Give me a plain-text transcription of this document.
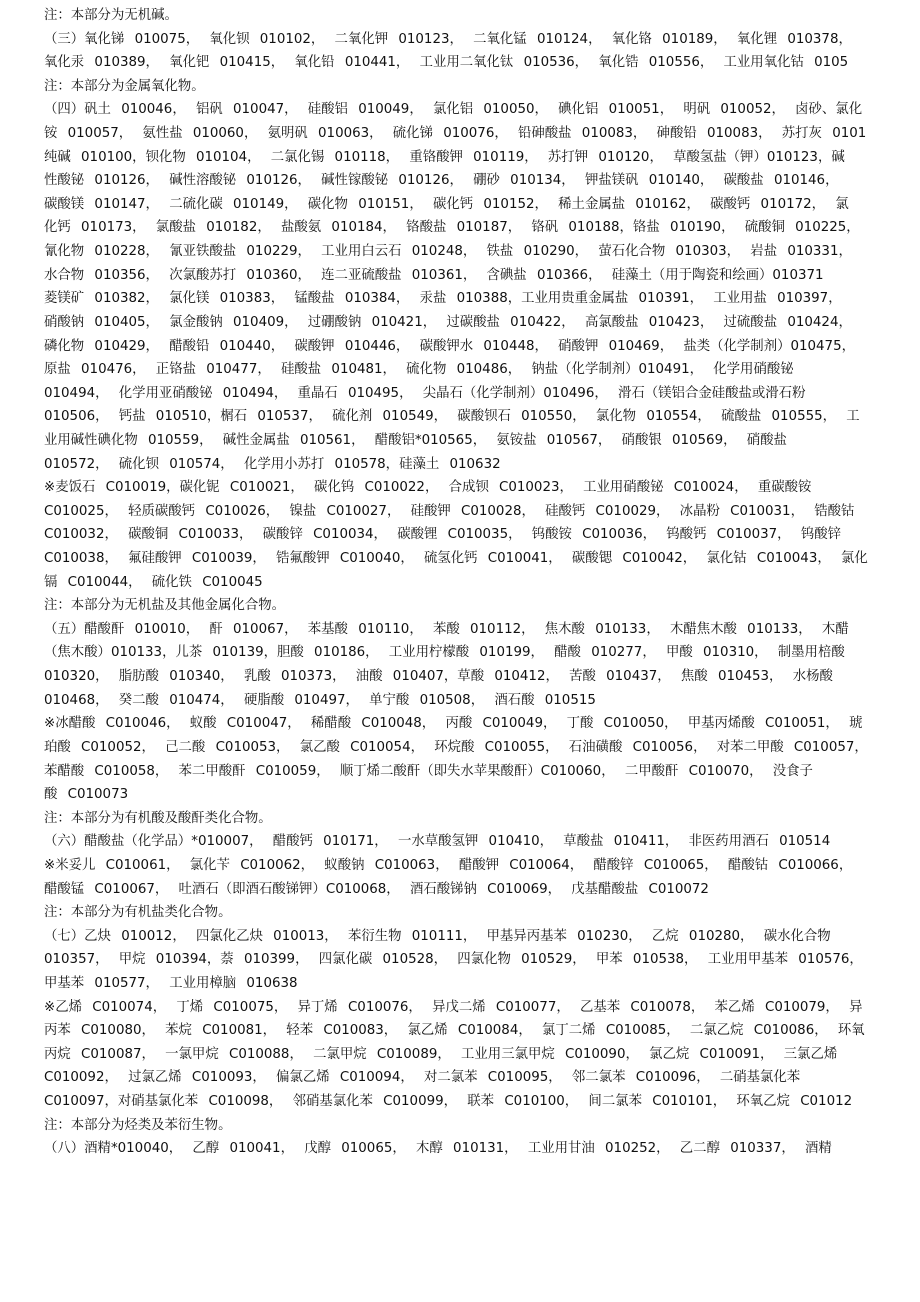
注：本部分为无机碱。
（三）氧化锑 010075， 氧化钡 010102， 二氧化钾 010123， 二氧化锰 010124， 氧化铬 010189， 氧化锂 010378，
氧化汞 010389， 氧化钯 010415， 氧化铅 010441， 工业用二氧化钛 010536， 氧化锆 010556， 工业用氧化钴 0105
注：本部分为金属氧化物。
（四）矾土 010046， 铝矾 010047， 硅酸铝 010049， 氯化铝 010050， 碘化铝 010051， 明矾 010052， 卤砂、氯化
铵 010057， 氨性盐 010060， 氨明矾 010063， 硫化锑 010076， 铅砷酸盐 010083， 砷酸铅 010083， 苏打灰 0101
纯碱 010100，钡化物 010104， 二氯化锡 010118， 重铬酸钾 010119， 苏打钾 010120， 草酸氢盐（钾）010123，碱
性酸铋 010126， 碱性溶酸铋 010126， 碱性镓酸铋 010126， 硼砂 010134， 钾盐镁矾 010140， 碳酸盐 010146，
碳酸镁 010147， 二硫化碳 010149， 碳化物 010151， 碳化钙 010152， 稀土金属盐 010162， 碳酸钙 010172， 氯
化钙 010173， 氯酸盐 010182， 盐酸氨 010184， 铬酸盐 010187， 铬矾 010188，铬盐 010190， 硫酸铜 010225，
氰化物 010228， 氰亚铁酸盐 010229， 工业用白云石 010248， 铁盐 010290， 萤石化合物 010303， 岩盐 010331，
水合物 010356， 次氯酸苏打 010360， 连二亚硫酸盐 010361， 含碘盐 010366， 硅藻土（用于陶瓷和绘画）010371
菱镁矿 010382， 氯化镁 010383， 锰酸盐 010384， 汞盐 010388，工业用贵重金属盐 010391， 工业用盐 010397，
硝酸钠 010405， 氯金酸钠 010409， 过硼酸钠 010421， 过碳酸盐 010422， 高氯酸盐 010423， 过硫酸盐 010424，
磷化物 010429， 醋酸铅 010440， 碳酸钾 010446， 碳酸钾水 010448， 硝酸钾 010469， 盐类（化学制剂）010475，
原盐 010476， 正铬盐 010477， 硅酸盐 010481， 硫化物 010486， 钠盐（化学制剂）010491， 化学用硝酸铋
010494， 化学用亚硝酸铋 010494， 重晶石 010495， 尖晶石（化学制剂）010496， 滑石（镁铝合金硅酸盐或滑石粉
010506， 钙盐 010510，榍石 010537， 硫化剂 010549， 碳酸钡石 010550， 氯化物 010554， 硫酸盐 010555， 工
业用碱性碘化物 010559， 碱性金属盐 010561， 醋酸铝*010565， 氨铵盐 010567， 硝酸银 010569， 硝酸盐
010572， 硫化钡 010574， 化学用小苏打 010578，硅藻土 010632
※麦饭石 C010019，碳化铌 C010021， 碳化钨 C010022， 合成钡 C010023， 工业用硝酸铋 C010024， 重碳酸铵
C010025， 轻质碳酸钙 C010026， 镍盐 C010027， 硅酸钾 C010028， 硅酸钙 C010029， 冰晶粉 C010031， 锆酸钴
C010032， 碳酸铜 C010033， 碳酸锌 C010034， 碳酸锂 C010035， 钨酸铵 C010036， 钨酸钙 C010037， 钨酸锌
C010038， 氟硅酸钾 C010039， 锆氟酸钾 C010040， 硫氢化钙 C010041， 碳酸锶 C010042， 氯化钴 C010043， 氯化
镉 C010044， 硫化铁 C010045
注：本部分为无机盐及其他金属化合物。
（五）醋酸酐 010010， 酐 010067， 苯基酸 010110， 苯酸 010112， 焦木酸 010133， 木醋焦木酸 010133， 木醋
（焦木酸）010133，儿茶 010139，胆酸 010186， 工业用柠檬酸 010199， 醋酸 010277， 甲酸 010310， 制墨用棓酸
010320， 脂肪酸 010340， 乳酸 010373， 油酸 010407，草酸 010412， 苦酸 010437， 焦酸 010453， 水杨酸
010468， 癸二酸 010474， 硬脂酸 010497， 单宁酸 010508， 酒石酸 010515
※冰醋酸 C010046， 蚁酸 C010047， 稀醋酸 C010048， 丙酸 C010049， 丁酸 C010050， 甲基丙烯酸 C010051， 琥
珀酸 C010052， 己二酸 C010053， 氯乙酸 C010054， 环烷酸 C010055， 石油磺酸 C010056， 对苯二甲酸 C010057，
苯醋酸 C010058， 苯二甲酸酐 C010059， 顺丁烯二酸酐（即失水苹果酸酐）C010060， 二甲酸酐 C010070， 没食子
酸 C010073
注：本部分为有机酸及酸酐类化合物。
（六）醋酸盐（化学品）*010007， 醋酸钙 010171， 一水草酸氢钾 010410， 草酸盐 010411， 非医药用酒石 010514
※米妥儿 C010061， 氯化苄 C010062， 蚁酸钠 C010063， 醋酸钾 C010064， 醋酸锌 C010065， 醋酸钴 C010066，
醋酸锰 C010067， 吐酒石（即酒石酸锑钾）C010068， 酒石酸锑钠 C010069， 戊基醋酸盐 C010072
注：本部分为有机盐类化合物。
（七）乙炔 010012， 四氯化乙炔 010013， 苯衍生物 010111， 甲基异丙基苯 010230， 乙烷 010280， 碳水化合物
010357， 甲烷 010394，萘 010399， 四氯化碳 010528， 四氯化物 010529， 甲苯 010538， 工业用甲基苯 010576，
甲基苯 010577， 工业用樟脑 010638
※乙烯 C010074， 丁烯 C010075， 异丁烯 C010076， 异戊二烯 C010077， 乙基苯 C010078， 苯乙烯 C010079， 异
丙苯 C010080， 苯烷 C010081， 轻苯 C010083， 氯乙烯 C010084， 氯丁二烯 C010085， 二氯乙烷 C010086， 环氧
丙烷 C010087， 一氯甲烷 C010088， 二氯甲烷 C010089， 工业用三氯甲烷 C010090， 氯乙烷 C010091， 三氯乙烯
C010092， 过氯乙烯 C010093， 偏氯乙烯 C010094， 对二氯苯 C010095， 邻二氯苯 C010096， 二硝基氯化苯
C010097，对硝基氯化苯 C010098， 邻硝基氯化苯 C010099， 联苯 C010100， 间二氯苯 C010101， 环氧乙烷 C01012
注：本部分为烃类及苯衍生物。
（八）酒精*010040， 乙醇 010041， 戊醇 010065， 木醇 010131， 工业用甘油 010252， 乙二醇 010337， 酒精
